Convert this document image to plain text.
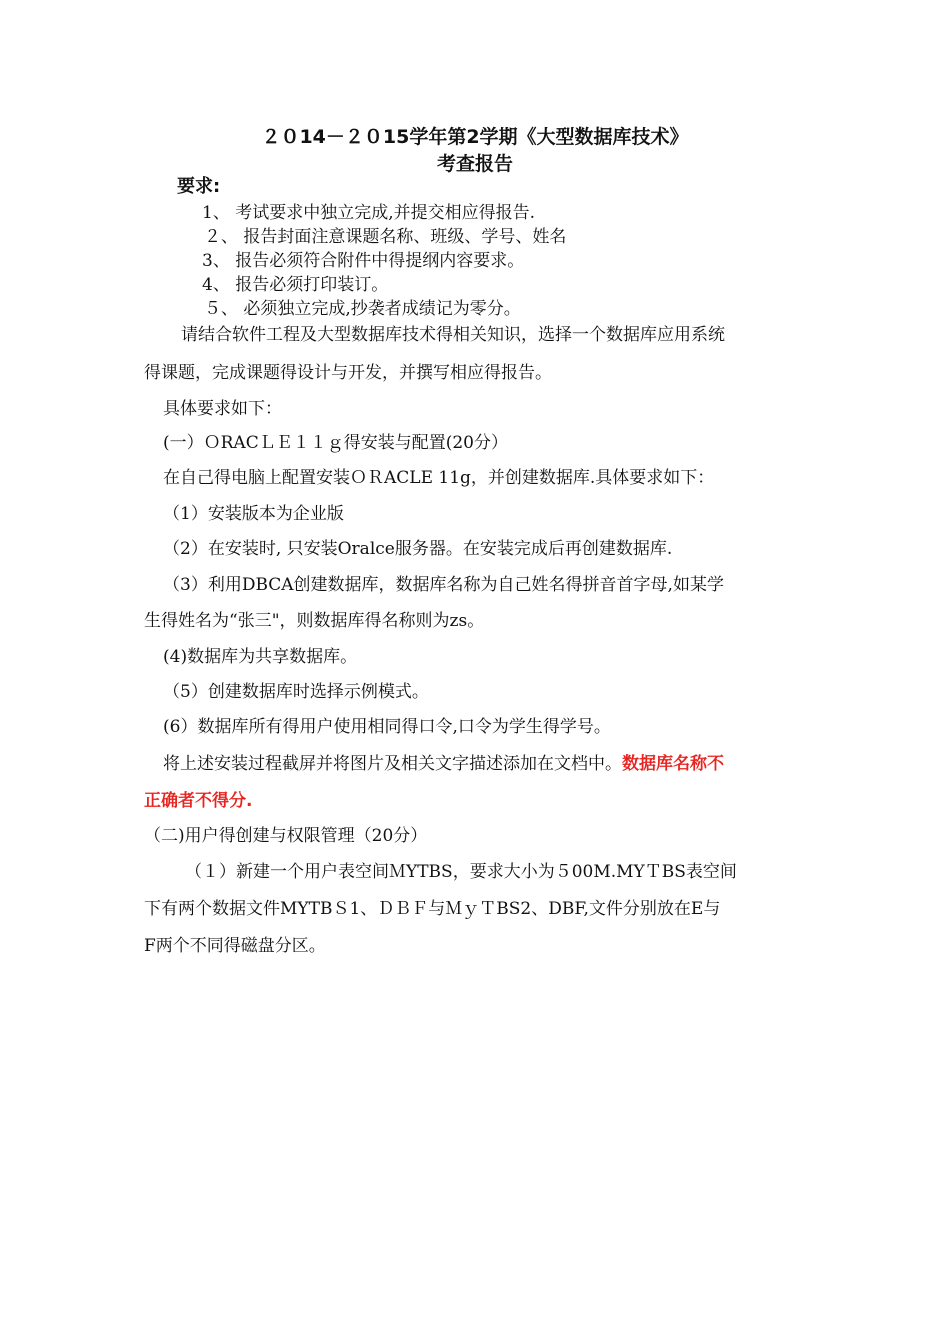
２０14－２０15学年第2学期《大型数据库技术》
考查报告
要求:
1、 考试要求中独立完成,并提交相应得报告.
２、 报告封面注意课题名称、班级、学号、姓名
3、 报告必须符合附件中得提纲内容要求。
4、 报告必须打印装订。
５、 必须独立完成,抄袭者成绩记为零分。
请结合软件工程及大型数据库技术得相关知识，选择一个数据库应用系统
得课题，完成课题得设计与开发，并撰写相应得报告。
具体要求如下：
(一）ＯRACＬＥ１１ｇ得安装与配置(20分）
在自己得电脑上配置安装ＯＲACLE 11g，并创建数据库.具体要求如下：
（1）安装版本为企业版
（2）在安装时, 只安装Oralce服务器。在安装完成后再创建数据库.
（3）利用DBCA创建数据库，数据库名称为自己姓名得拼音首字母,如某学
生得姓名为“张三"，则数据库得名称则为zs。
(4)数据库为共享数据库。
（5）创建数据库时选择示例模式。
(6）数据库所有得用户使用相同得口令,口令为学生得学号。
将上述安装过程截屏并将图片及相关文字描述添加在文档中。数据库名称不
正确者不得分.
（二)用户得创建与权限管理（20分）
（１）新建一个用户表空间ＭYTBS，要求大小为５00M.MYＴBS表空间
下有两个数据文件MYTBＳ1、ＤＢＦ与ＭｙＴBS2、DBF,文件分别放在E与
F两个不同得磁盘分区。
